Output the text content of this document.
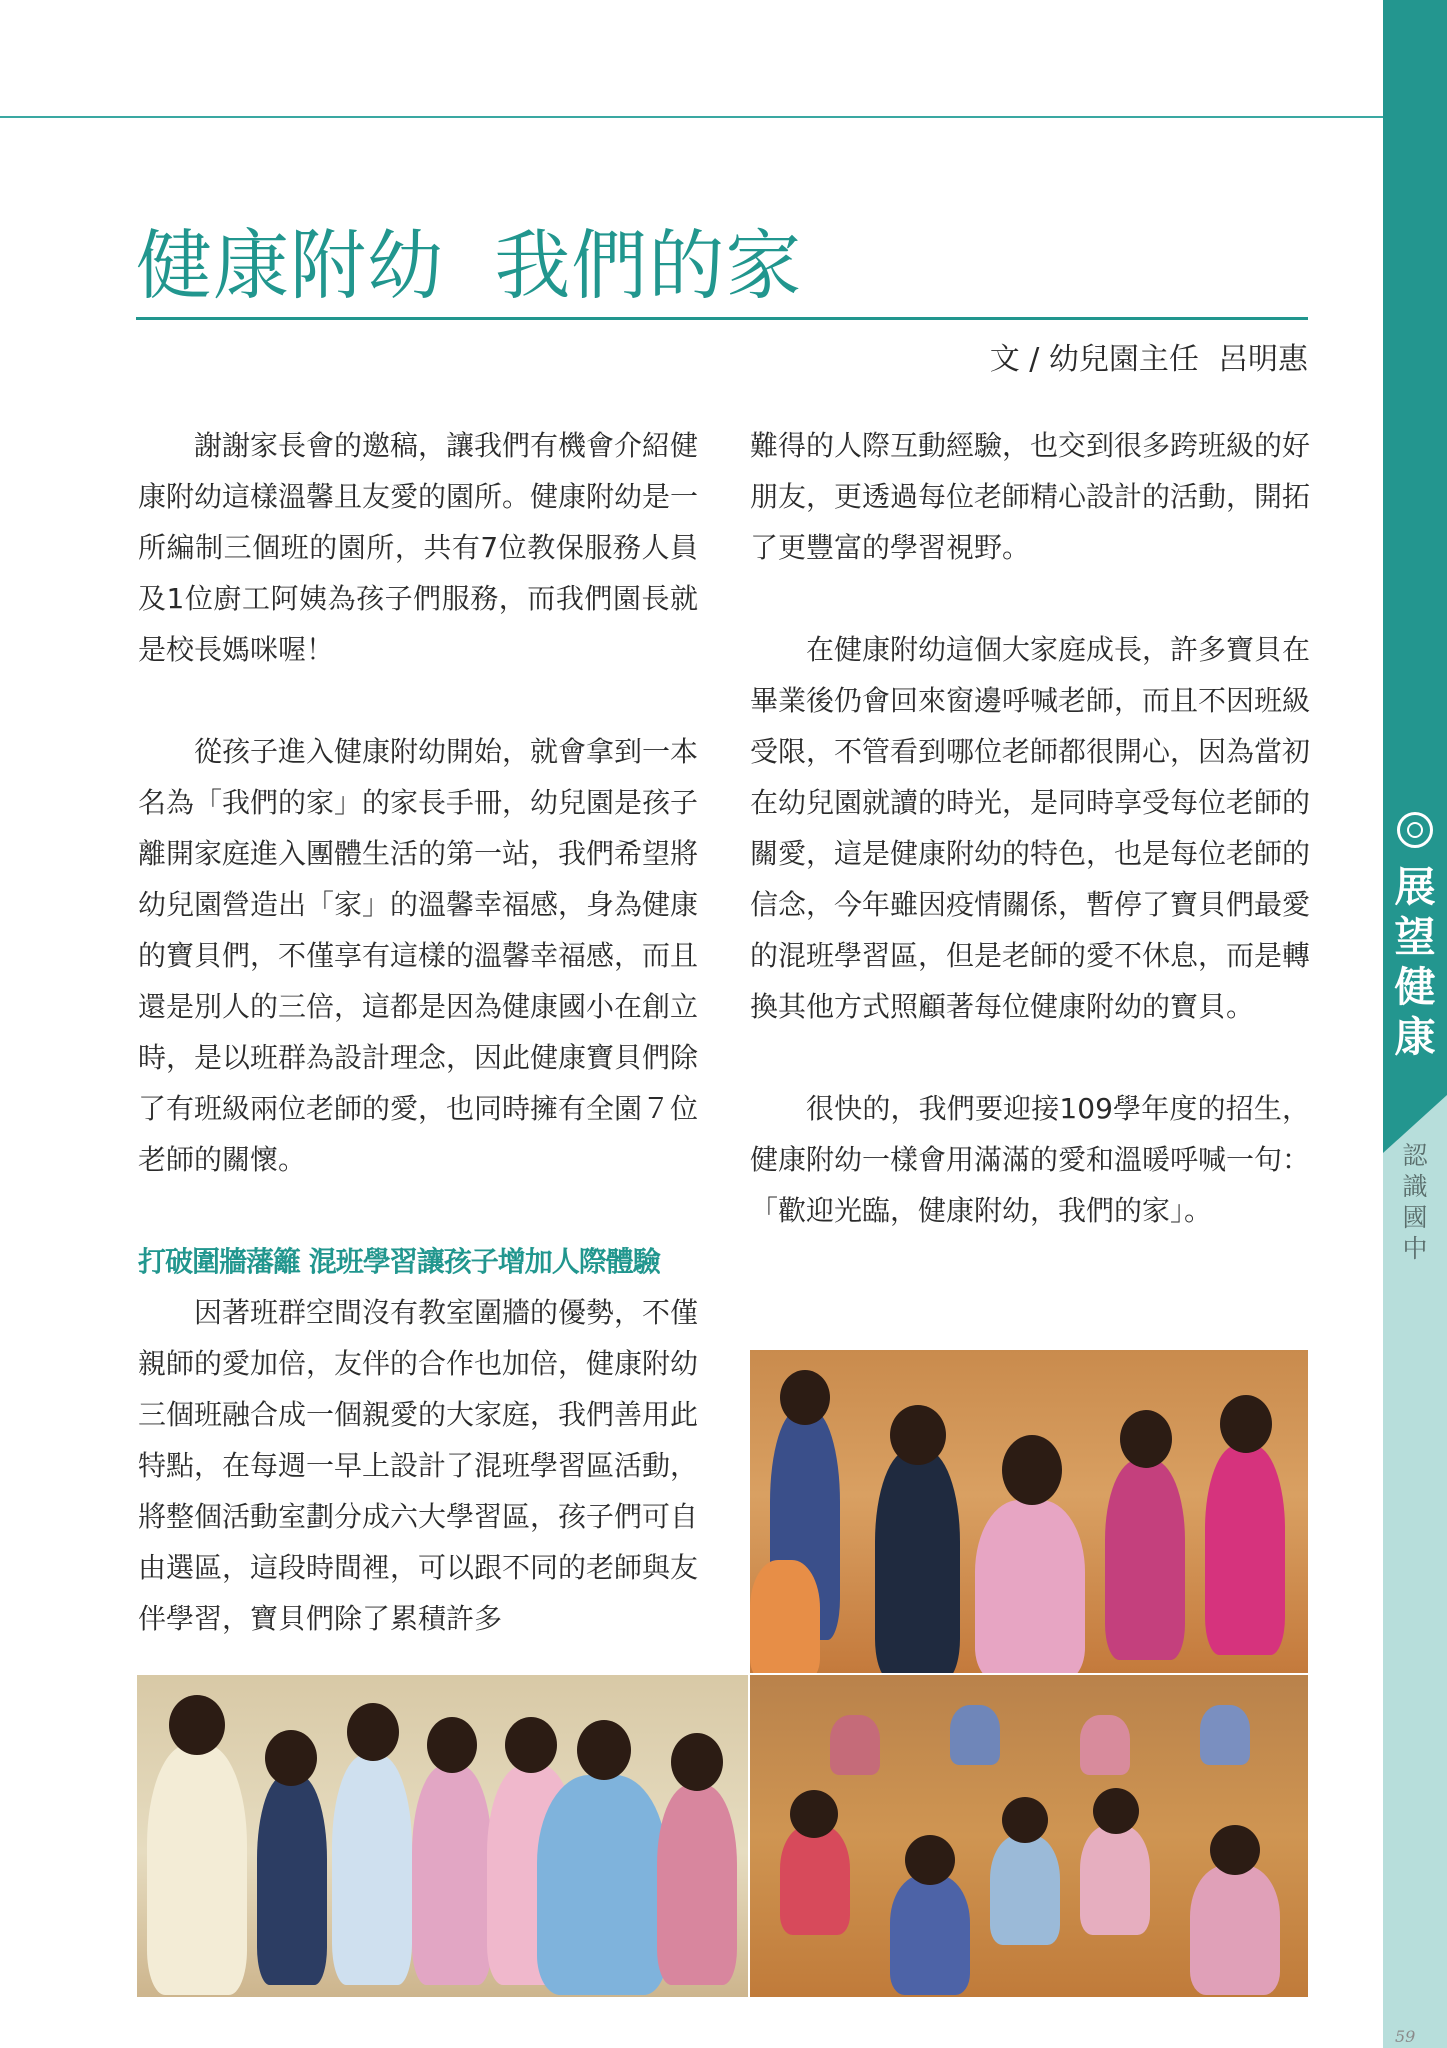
展
望
健
康
認
識
國
中
健康附幼  我們的家
文 / 幼兒園主任  呂明惠

謝謝家長會的邀稿，讓我們有機會介紹健康附幼這樣溫馨且友愛的園所。健康附幼是一所編制三個班的園所，共有7位教保服務人員及1位廚工阿姨為孩子們服務，而我們園長就是校長媽咪喔！

從孩子進入健康附幼開始，就會拿到一本名為「我們的家」的家長手冊，幼兒園是孩子離開家庭進入團體生活的第一站，我們希望將幼兒園營造出「家」的溫馨幸福感，身為健康的寶貝們，不僅享有這樣的溫馨幸福感，而且還是別人的三倍，這都是因為健康國小在創立時，是以班群為設計理念，因此健康寶貝們除了有班級兩位老師的愛，也同時擁有全園７位老師的關懷。

打破圍牆藩籬 混班學習讓孩子增加人際體驗

因著班群空間沒有教室圍牆的優勢，不僅親師的愛加倍，友伴的合作也加倍，健康附幼三個班融合成一個親愛的大家庭，我們善用此特點，在每週一早上設計了混班學習區活動，將整個活動室劃分成六大學習區，孩子們可自由選區，這段時間裡，可以跟不同的老師與友伴學習，寶貝們除了累積許多

難得的人際互動經驗，也交到很多跨班級的好朋友，更透過每位老師精心設計的活動，開拓了更豐富的學習視野。

在健康附幼這個大家庭成長，許多寶貝在畢業後仍會回來窗邊呼喊老師，而且不因班級受限，不管看到哪位老師都很開心，因為當初在幼兒園就讀的時光，是同時享受每位老師的關愛，這是健康附幼的特色，也是每位老師的信念，今年雖因疫情關係，暫停了寶貝們最愛的混班學習區，但是老師的愛不休息，而是轉換其他方式照顧著每位健康附幼的寶貝。

很快的，我們要迎接109學年度的招生，健康附幼一樣會用滿滿的愛和溫暖呼喊一句：「歡迎光臨，健康附幼，我們的家」。

59
